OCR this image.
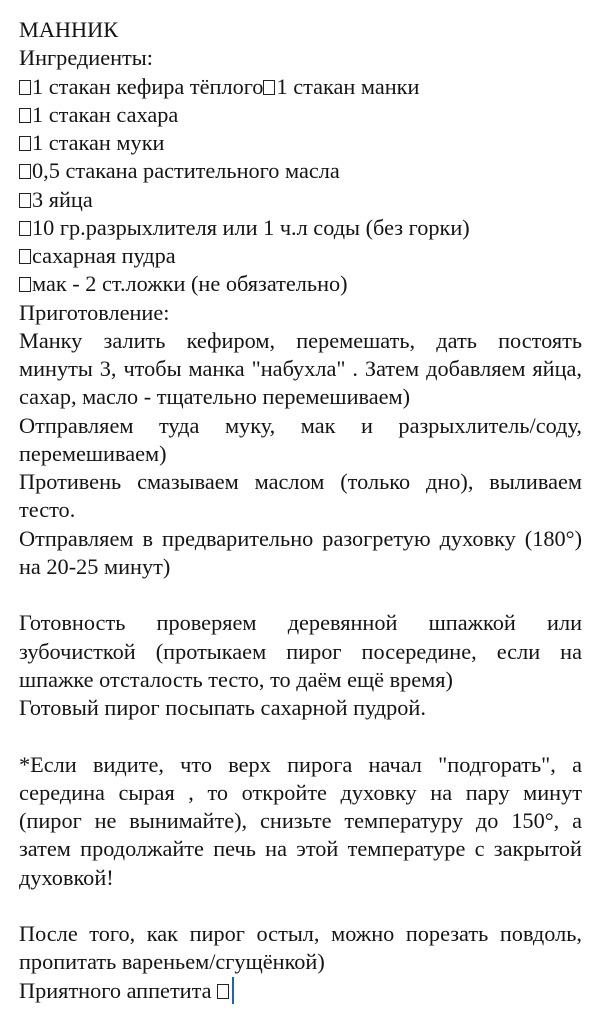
МАННИК
Ингредиенты:
1 стакан кефира тёплого 1 стакан манки
1 стакан сахара
1 стакан муки
0,5 стакана растительного масла
3 яйца
10 гр.разрыхлителя или 1 ч.л соды (без горки)
сахарная пудра
мак - 2 ст.ложки (не обязательно)
Приготовление:
Манку залить кефиром, перемешать, дать постоять минуты 3, чтобы манка "набухла" . Затем добавляем яйца, сахар, масло - тщательно перемешиваем)
Отправляем туда муку, мак и разрыхлитель/соду, перемешиваем)
Противень смазываем маслом (только дно), выливаем тесто.
Отправляем в предварительно разогретую духовку (180°) на 20-25 минут)
Готовность проверяем деревянной шпажкой или зубочисткой (протыкаем пирог посередине, если на шпажке отсталость тесто, то даём ещё время)
Готовый пирог посыпать сахарной пудрой.
*Если видите, что верх пирога начал "подгорать", а середина сырая , то откройте духовку на пару минут (пирог не вынимайте), снизьте температуру до 150°, а затем продолжайте печь на этой температуре с закрытой духовкой!
После того, как пирог остыл, можно порезать повдоль, пропитать вареньем/сгущёнкой)
Приятного аппетита
